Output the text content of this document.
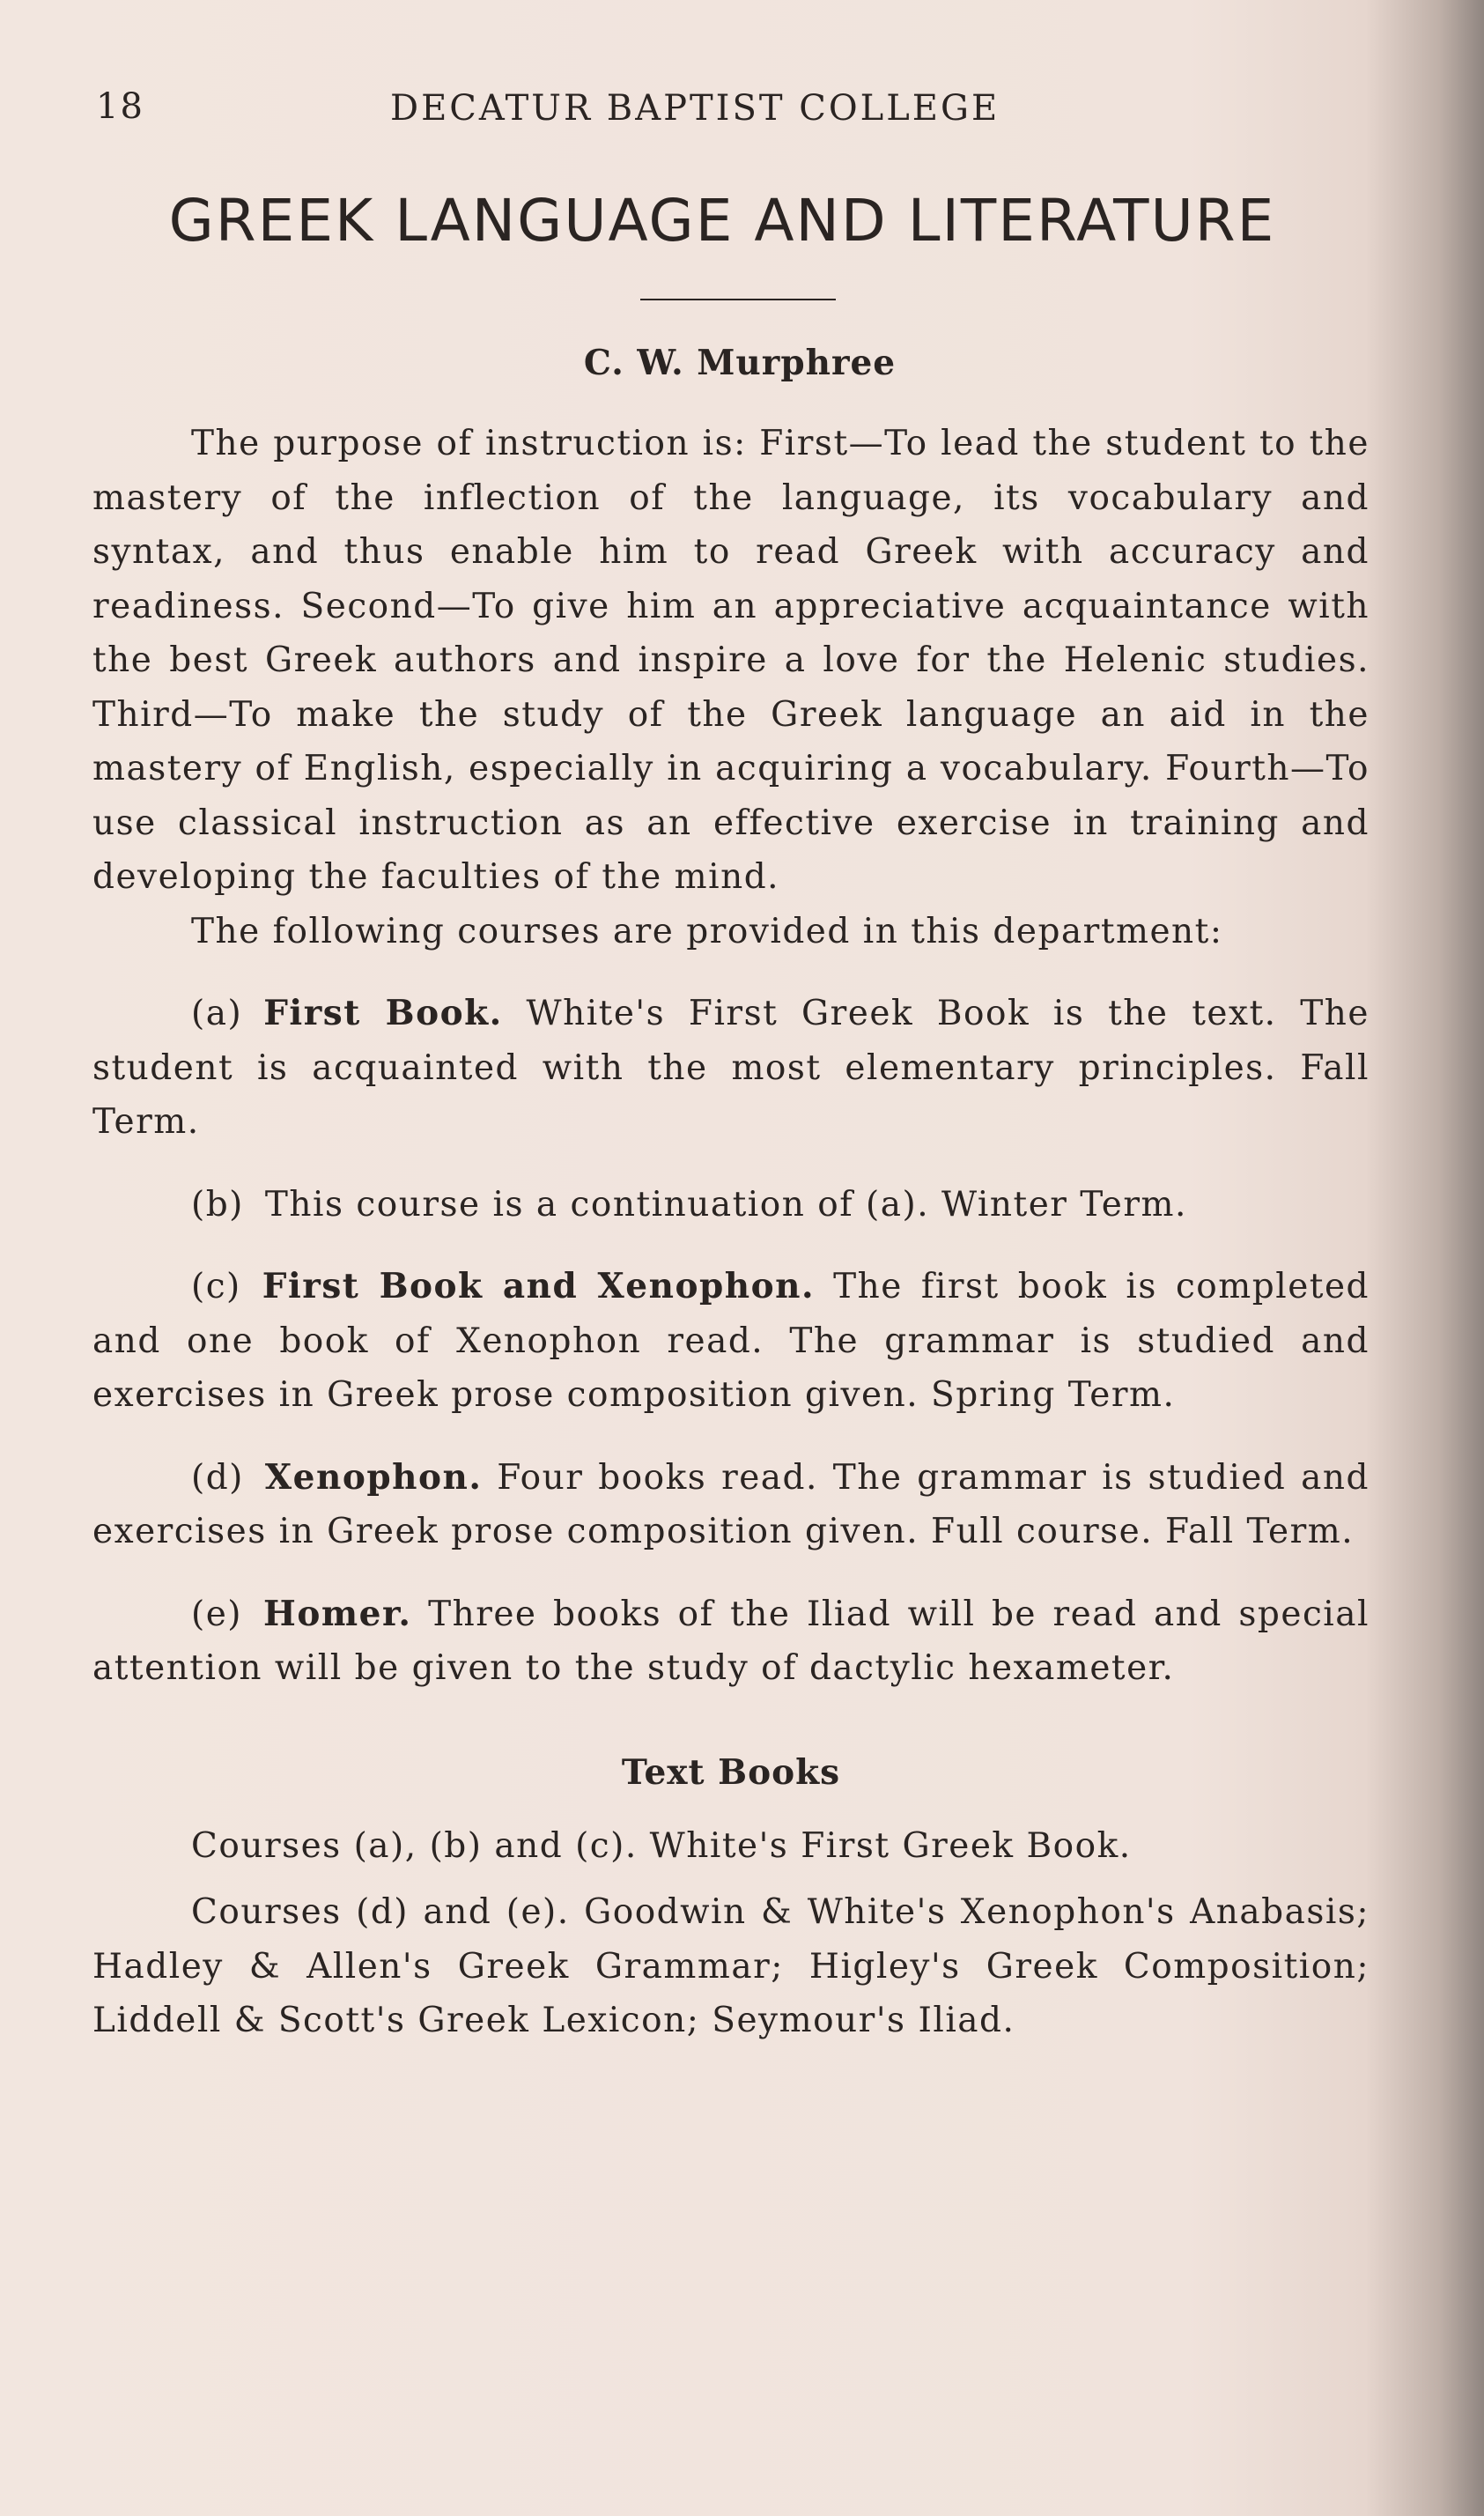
18	DECATUR BAPTIST COLLEGE
GREEK LANGUAGE AND LITERATURE
C. W. Murphree

The purpose of instruction is: First—To lead the student to the mastery of the inflection of the language, its vocabulary and syntax, and thus enable him to read Greek with accuracy and readiness. Second—To give him an appreciative acquaintance with the best Greek authors and inspire a love for the Helenic studies. Third—To make the study of the Greek language an aid in the mastery of English, especially in acquiring a vocabulary. Fourth—To use classical instruction as an effective exercise in training and developing the faculties of the mind.

The following courses are provided in this department:

(a) First Book. White's First Greek Book is the text. The student is acquainted with the most elementary principles. Fall Term.

(b) This course is a continuation of (a). Winter Term.

(c) First Book and Xenophon. The first book is completed and one book of Xenophon read. The grammar is studied and exercises in Greek prose composition given. Spring Term.

(d) Xenophon. Four books read. The grammar is studied and exercises in Greek prose composition given. Full course. Fall Term.

(e) Homer. Three books of the Iliad will be read and special attention will be given to the study of dactylic hexameter.

Text Books

Courses (a), (b) and (c). White's First Greek Book.

Courses (d) and (e). Goodwin & White's Xenophon's Anabasis; Hadley & Allen's Greek Grammar; Higley's Greek Composition; Liddell & Scott's Greek Lexicon; Seymour's Iliad.
